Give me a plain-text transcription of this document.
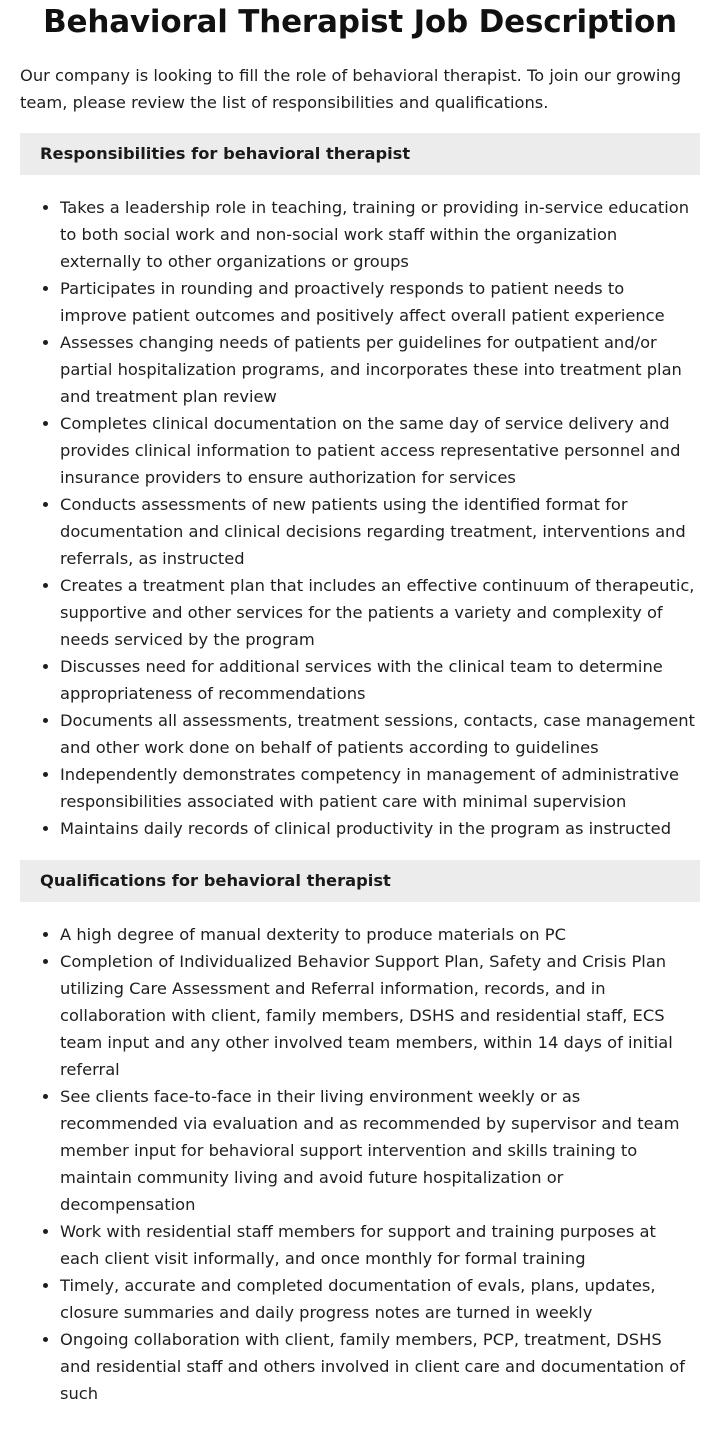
Behavioral Therapist Job Description

Our company is looking to fill the role of behavioral therapist. To join our growing team, please review the list of responsibilities and qualifications.

Responsibilities for behavioral therapist
• Takes a leadership role in teaching, training or providing in-service education to both social work and non-social work staff within the organization externally to other organizations or groups
• Participates in rounding and proactively responds to patient needs to improve patient outcomes and positively affect overall patient experience
• Assesses changing needs of patients per guidelines for outpatient and/or partial hospitalization programs, and incorporates these into treatment plan and treatment plan review
• Completes clinical documentation on the same day of service delivery and provides clinical information to patient access representative personnel and insurance providers to ensure authorization for services
• Conducts assessments of new patients using the identified format for documentation and clinical decisions regarding treatment, interventions and referrals, as instructed
• Creates a treatment plan that includes an effective continuum of therapeutic, supportive and other services for the patients a variety and complexity of needs serviced by the program
• Discusses need for additional services with the clinical team to determine appropriateness of recommendations
• Documents all assessments, treatment sessions, contacts, case management and other work done on behalf of patients according to guidelines
• Independently demonstrates competency in management of administrative responsibilities associated with patient care with minimal supervision
• Maintains daily records of clinical productivity in the program as instructed
Qualifications for behavioral therapist
• A high degree of manual dexterity to produce materials on PC
• Completion of Individualized Behavior Support Plan, Safety and Crisis Plan utilizing Care Assessment and Referral information, records, and in collaboration with client, family members, DSHS and residential staff, ECS team input and any other involved team members, within 14 days of initial referral
• See clients face-to-face in their living environment weekly or as recommended via evaluation and as recommended by supervisor and team member input for behavioral support intervention and skills training to maintain community living and avoid future hospitalization or decompensation
• Work with residential staff members for support and training purposes at each client visit informally, and once monthly for formal training
• Timely, accurate and completed documentation of evals, plans, updates, closure summaries and daily progress notes are turned in weekly
• Ongoing collaboration with client, family members, PCP, treatment, DSHS and residential staff and others involved in client care and documentation of such
